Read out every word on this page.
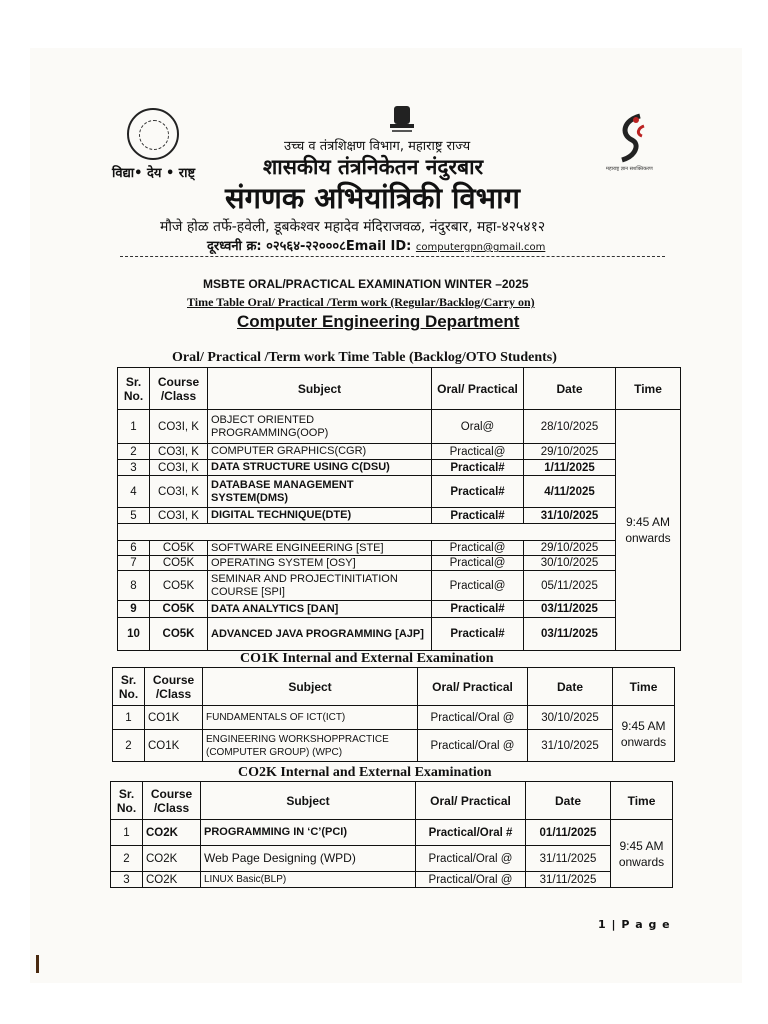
विद्या• देय • राष्ट्	महाराष्ट्र ज्ञान सशक्तिकरण
उच्च व तंत्रशिक्षण विभाग, महाराष्ट्र राज्य
शासकीय तंत्रनिकेतन नंदुरबार
संगणक अभियांत्रिकी विभाग
मौजे होळ तर्फे-हवेली, डूबकेश्वर महादेव मंदिराजवळ, नंदुरबार, महा-४२५४१२
दूरध्वनी क्र: ०२५६४-२२०००८Email ID: computergpn@gmail.com
MSBTE ORAL/PRACTICAL EXAMINATION WINTER –2025
Time Table Oral/ Practical /Term work (Regular/Backlog/Carry on)
Computer Engineering Department
Oral/ Practical /Term work Time Table (Backlog/OTO Students)
Sr. No.	Course /Class	Subject	Oral/ Practical	Date	Time
1	CO3I, K	OBJECT ORIENTED PROGRAMMING(OOP)	Oral@	28/10/2025	9:45 AM onwards
2	CO3I, K	COMPUTER GRAPHICS(CGR)	Practical@	29/10/2025	
3	CO3I, K	DATA STRUCTURE USING C(DSU)	Practical#	1/11/2025	
4	CO3I, K	DATABASE MANAGEMENT SYSTEM(DMS)	Practical#	4/11/2025	
5	CO3I, K	DIGITAL TECHNIQUE(DTE)	Practical#	31/10/2025	

6	CO5K	SOFTWARE ENGINEERING [STE]	Practical@	29/10/2025	
7	CO5K	OPERATING SYSTEM [OSY]	Practical@	30/10/2025	
8	CO5K	SEMINAR AND PROJECTINITIATION COURSE [SPI]	Practical@	05/11/2025	
9	CO5K	DATA ANALYTICS [DAN]	Practical#	03/11/2025	
10	CO5K	ADVANCED JAVA PROGRAMMING [AJP]	Practical#	03/11/2025	
CO1K Internal and External Examination
Sr. No.	Course /Class	Subject	Oral/ Practical	Date	Time
1	CO1K	FUNDAMENTALS OF ICT(ICT)	Practical/Oral @	30/10/2025	9:45 AM onwards
2	CO1K	ENGINEERING WORKSHOPPRACTICE (COMPUTER GROUP) (WPC)	Practical/Oral @	31/10/2025	
CO2K Internal and External Examination
Sr. No.	Course /Class	Subject	Oral/ Practical	Date	Time
1	CO2K	PROGRAMMING IN ‘C’(PCI)	Practical/Oral #	01/11/2025	9:45 AM onwards
2	CO2K	Web Page Designing (WPD)	Practical/Oral @	31/11/2025	
3	CO2K	LINUX Basic(BLP)	Practical/Oral @	31/11/2025	
1 | P a g e
